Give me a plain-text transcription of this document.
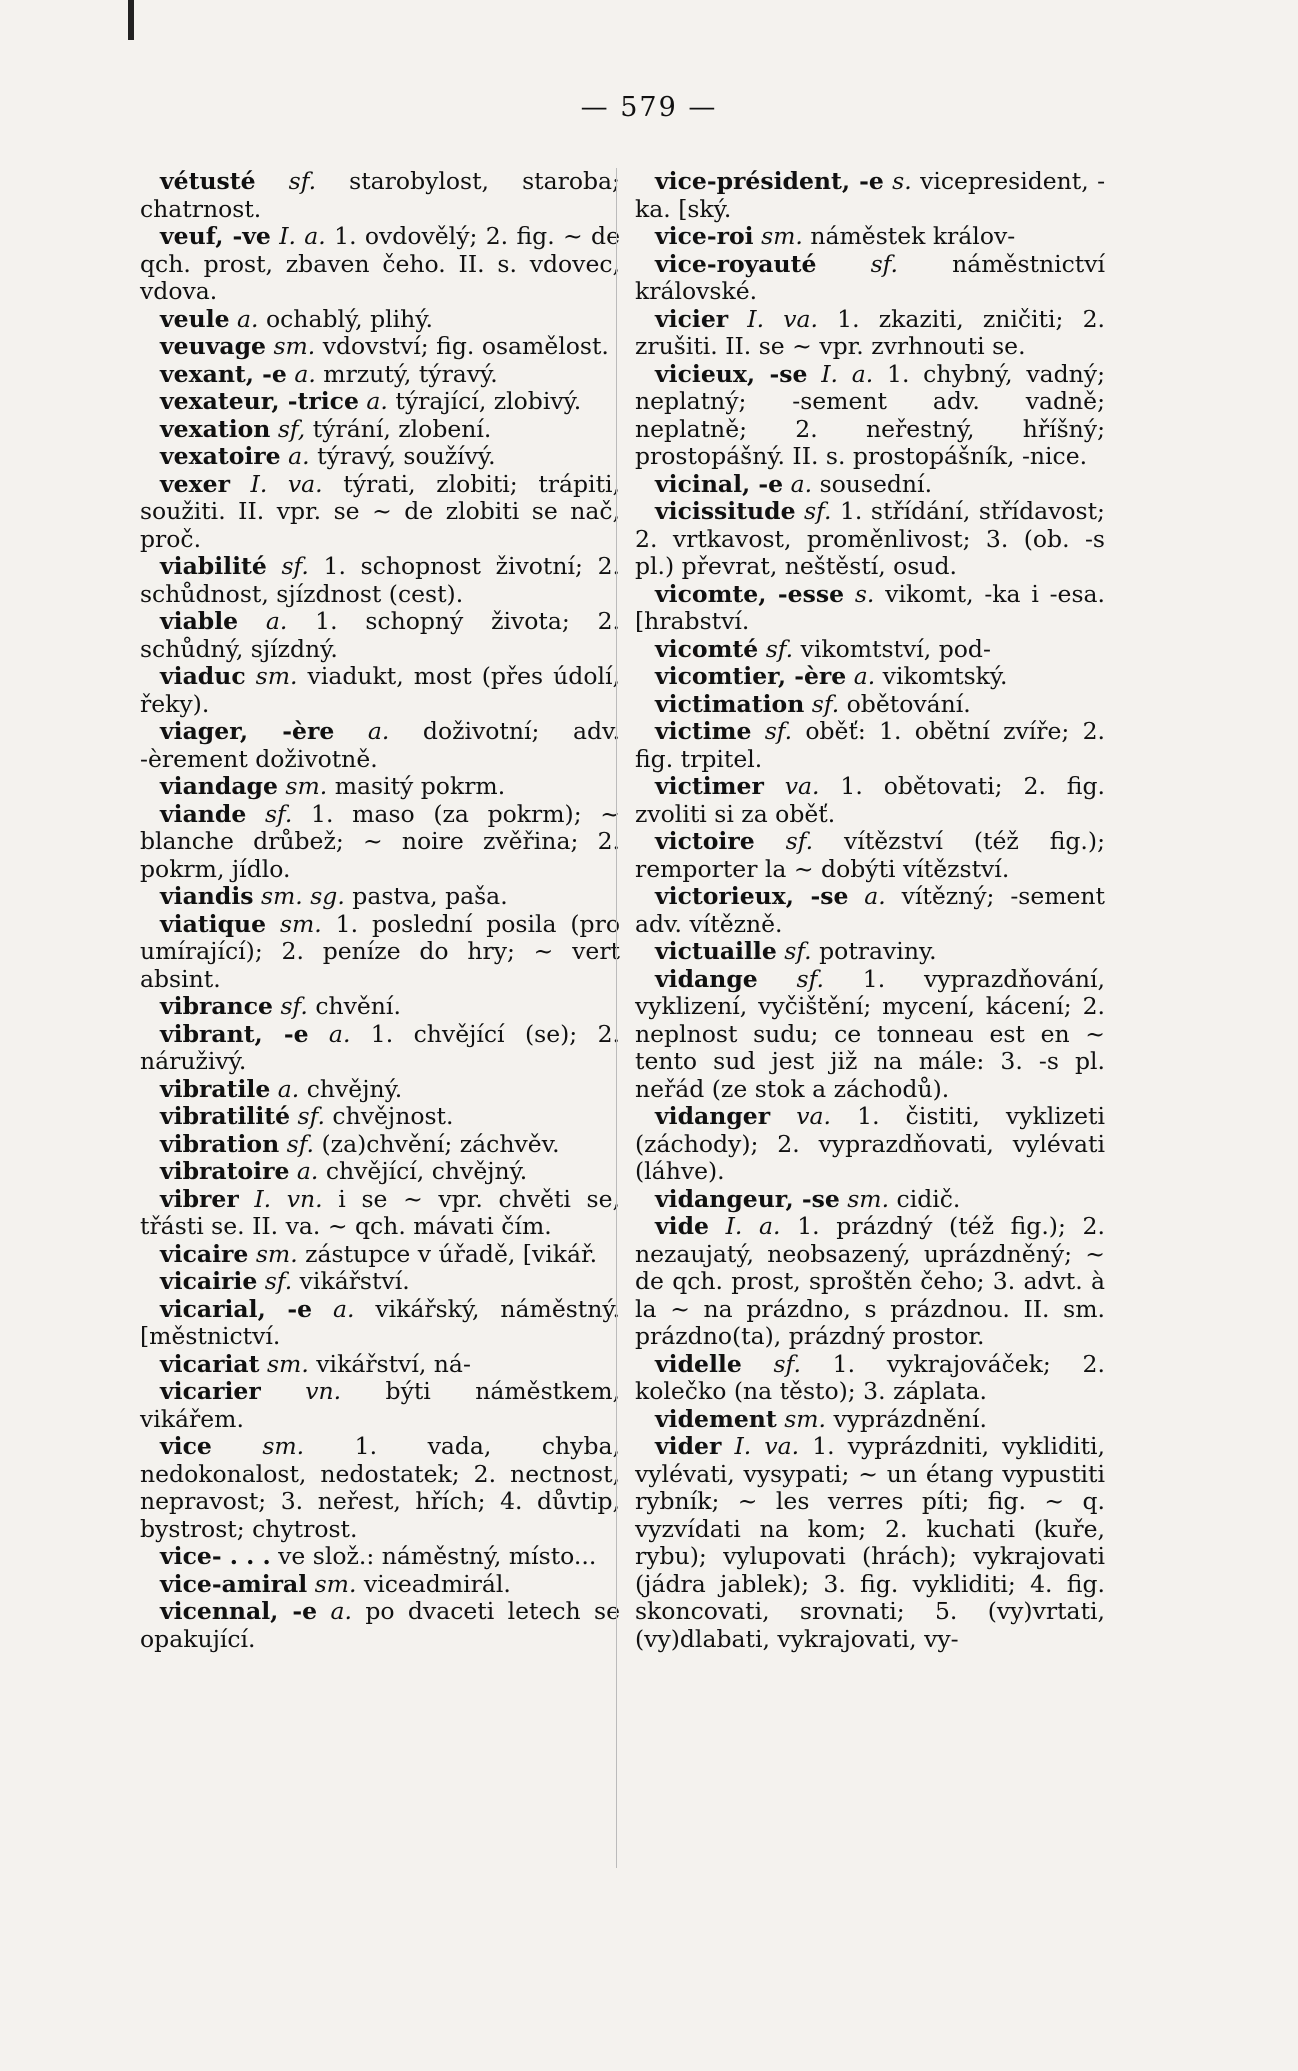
— 579 —
vétusté sf. starobylost, staroba; chatrnost.
veuf, -ve I. a. 1. ovdovělý; 2. fig. ~ de qch. prost, zbaven čeho. II. s. vdovec, vdova.
veule a. ochablý, plihý.
veuvage sm. vdovství; fig. osamělost.
vexant, -e a. mrzutý, týravý.
vexateur, -trice a. týrající, zlobivý.
vexation sf, týrání, zlobení.
vexatoire a. týravý, soužívý.
vexer I. va. týrati, zlobiti; trápiti, soužiti. II. vpr. se ~ de zlobiti se nač, proč.
viabilité sf. 1. schopnost životní; 2. schůdnost, sjízdnost (cest).
viable a. 1. schopný života; 2. schůdný, sjízdný.
viaduc sm. viadukt, most (přes údolí, řeky).
viager, -ère a. doživotní; adv. -èrement doživotně.
viandage sm. masitý pokrm.
viande sf. 1. maso (za pokrm); ~ blanche drůbež; ~ noire zvěřina; 2. pokrm, jídlo.
viandis sm. sg. pastva, paša.
viatique sm. 1. poslední posila (pro umírající); 2. peníze do hry; ~ vert absint.
vibrance sf. chvění.
vibrant, -e a. 1. chvějící (se); 2. náruživý.
vibratile a. chvějný.
vibratilité sf. chvějnost.
vibration sf. (za)chvění; záchvěv.
vibratoire a. chvějící, chvějný.
vibrer I. vn. i se ~ vpr. chvěti se, třásti se. II. va. ~ qch. mávati čím.
vicaire sm. zástupce v úřadě, [vikář.
vicairie sf. vikářství.
vicarial, -e a. vikářský, náměstný. [městnictví.
vicariat sm. vikářství, ná-
vicarier vn. býti náměstkem, vikářem.
vice sm. 1. vada, chyba, nedokonalost, nedostatek; 2. nectnost, nepravost; 3. neřest, hřích; 4. důvtip, bystrost; chytrost.
vice- . . . ve slož.: náměstný, místo...
vice-amiral sm. viceadmirál.
vicennal, -e a. po dvaceti letech se opakující.
vice-président, -e s. vicepresident, -ka. [ský.
vice-roi sm. náměstek králov-
vice-royauté sf. náměstnictví královské.
vicier I. va. 1. zkaziti, zničiti; 2. zrušiti. II. se ~ vpr. zvrhnouti se.
vicieux, -se I. a. 1. chybný, vadný; neplatný; -sement adv. vadně; neplatně; 2. neřestný, hříšný; prostopášný. II. s. prostopášník, -nice.
vicinal, -e a. sousední.
vicissitude sf. 1. střídání, střídavost; 2. vrtkavost, proměnlivost; 3. (ob. -s pl.) převrat, neštěstí, osud.
vicomte, -esse s. vikomt, -ka i -esa. [hrabství.
vicomté sf. vikomtství, pod-
vicomtier, -ère a. vikomtský.
victimation sf. obětování.
victime sf. oběť: 1. obětní zvíře; 2. fig. trpitel.
victimer va. 1. obětovati; 2. fig. zvoliti si za oběť.
victoire sf. vítězství (též fig.); remporter la ~ dobýti vítězství.
victorieux, -se a. vítězný; -sement adv. vítězně.
victuaille sf. potraviny.
vidange sf. 1. vyprazdňování, vyklizení, vyčištění; mycení, kácení; 2. neplnost sudu; ce tonneau est en ~ tento sud jest již na mále: 3. -s pl. neřád (ze stok a záchodů).
vidanger va. 1. čistiti, vyklizeti (záchody); 2. vyprazdňovati, vylévati (láhve).
vidangeur, -se sm. cidič.
vide I. a. 1. prázdný (též fig.); 2. nezaujatý, neobsazený, uprázdněný; ~ de qch. prost, sproštěn čeho; 3. advt. à la ~ na prázdno, s prázdnou. II. sm. prázdno(ta), prázdný prostor.
videlle sf. 1. vykrajováček; 2. kolečko (na těsto); 3. záplata.
videment sm. vyprázdnění.
vider I. va. 1. vyprázdniti, vykliditi, vylévati, vysypati; ~ un étang vypustiti rybník; ~ les verres píti; fig. ~ q. vyzvídati na kom; 2. kuchati (kuře, rybu); vylupovati (hrách); vykrajovati (jádra jablek); 3. fig. vykliditi; 4. fig. skoncovati, srovnati; 5. (vy)vrtati, (vy)dlabati, vykrajovati, vy-
